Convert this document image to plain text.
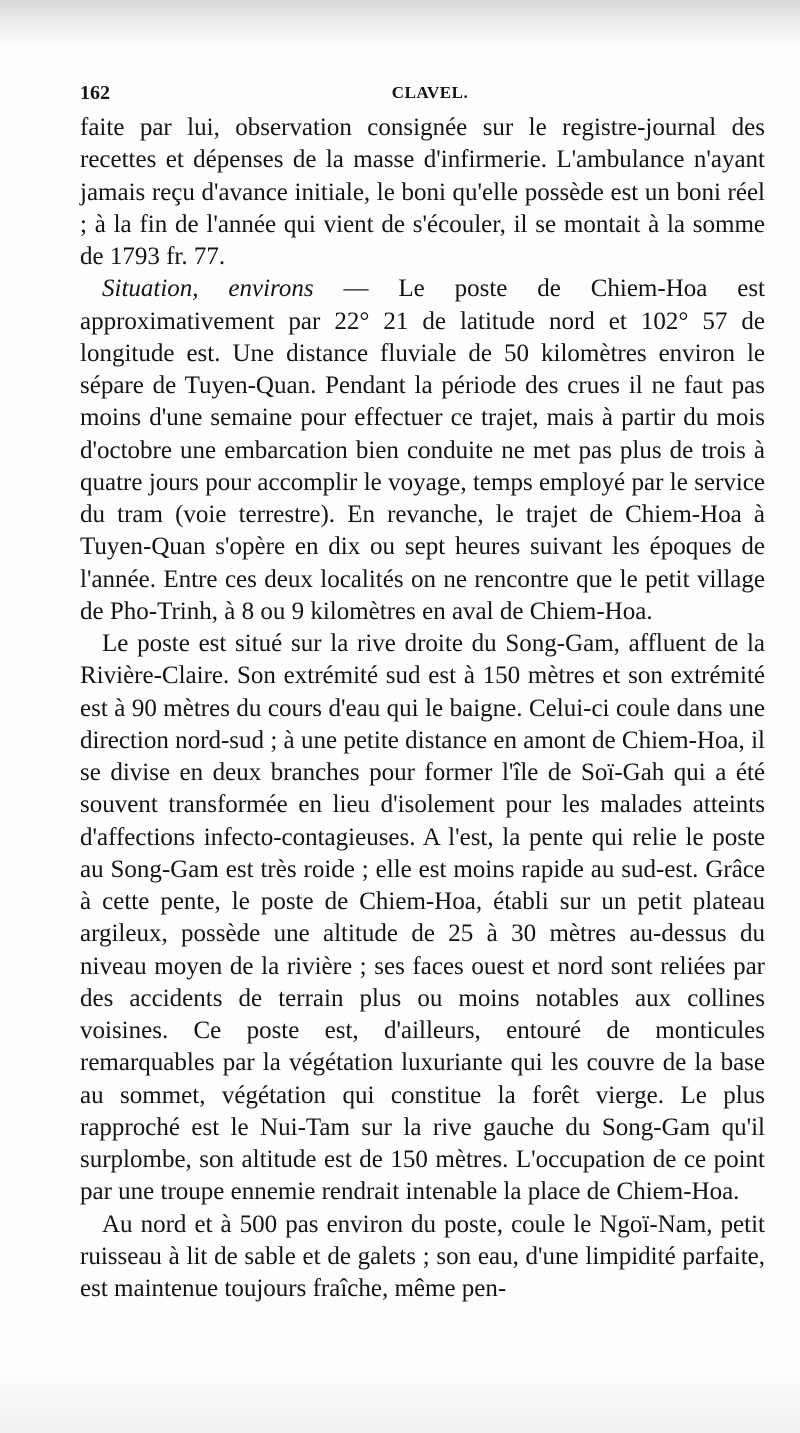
162	CLAVEL.

faite par lui, observation consignée sur le registre-journal des recettes et dépenses de la masse d'infirmerie. L'ambulance n'ayant jamais reçu d'avance initiale, le boni qu'elle possède est un boni réel ; à la fin de l'année qui vient de s'écouler, il se montait à la somme de 1793 fr. 77.

Situation, environs — Le poste de Chiem-Hoa est approximativement par 22° 21 de latitude nord et 102° 57 de longitude est. Une distance fluviale de 50 kilomètres environ le sépare de Tuyen-Quan. Pendant la période des crues il ne faut pas moins d'une semaine pour effectuer ce trajet, mais à partir du mois d'octobre une embarcation bien conduite ne met pas plus de trois à quatre jours pour accomplir le voyage, temps employé par le service du tram (voie terrestre). En revanche, le trajet de Chiem-Hoa à Tuyen-Quan s'opère en dix ou sept heures suivant les époques de l'année. Entre ces deux localités on ne rencontre que le petit village de Pho-Trinh, à 8 ou 9 kilomètres en aval de Chiem-Hoa.

Le poste est situé sur la rive droite du Song-Gam, affluent de la Rivière-Claire. Son extrémité sud est à 150 mètres et son extrémité est à 90 mètres du cours d'eau qui le baigne. Celui-ci coule dans une direction nord-sud ; à une petite distance en amont de Chiem-Hoa, il se divise en deux branches pour former l'île de Soï-Gah qui a été souvent transformée en lieu d'isolement pour les malades atteints d'affections infecto-contagieuses. A l'est, la pente qui relie le poste au Song-Gam est très roide ; elle est moins rapide au sud-est. Grâce à cette pente, le poste de Chiem-Hoa, établi sur un petit plateau argileux, possède une altitude de 25 à 30 mètres au-dessus du niveau moyen de la rivière ; ses faces ouest et nord sont reliées par des accidents de terrain plus ou moins notables aux collines voisines. Ce poste est, d'ailleurs, entouré de monticules remarquables par la végétation luxuriante qui les couvre de la base au sommet, végétation qui constitue la forêt vierge. Le plus rapproché est le Nui-Tam sur la rive gauche du Song-Gam qu'il surplombe, son altitude est de 150 mètres. L'occupation de ce point par une troupe ennemie rendrait intenable la place de Chiem-Hoa.

Au nord et à 500 pas environ du poste, coule le Ngoï-Nam, petit ruisseau à lit de sable et de galets ; son eau, d'une limpidité parfaite, est maintenue toujours fraîche, même pen-
